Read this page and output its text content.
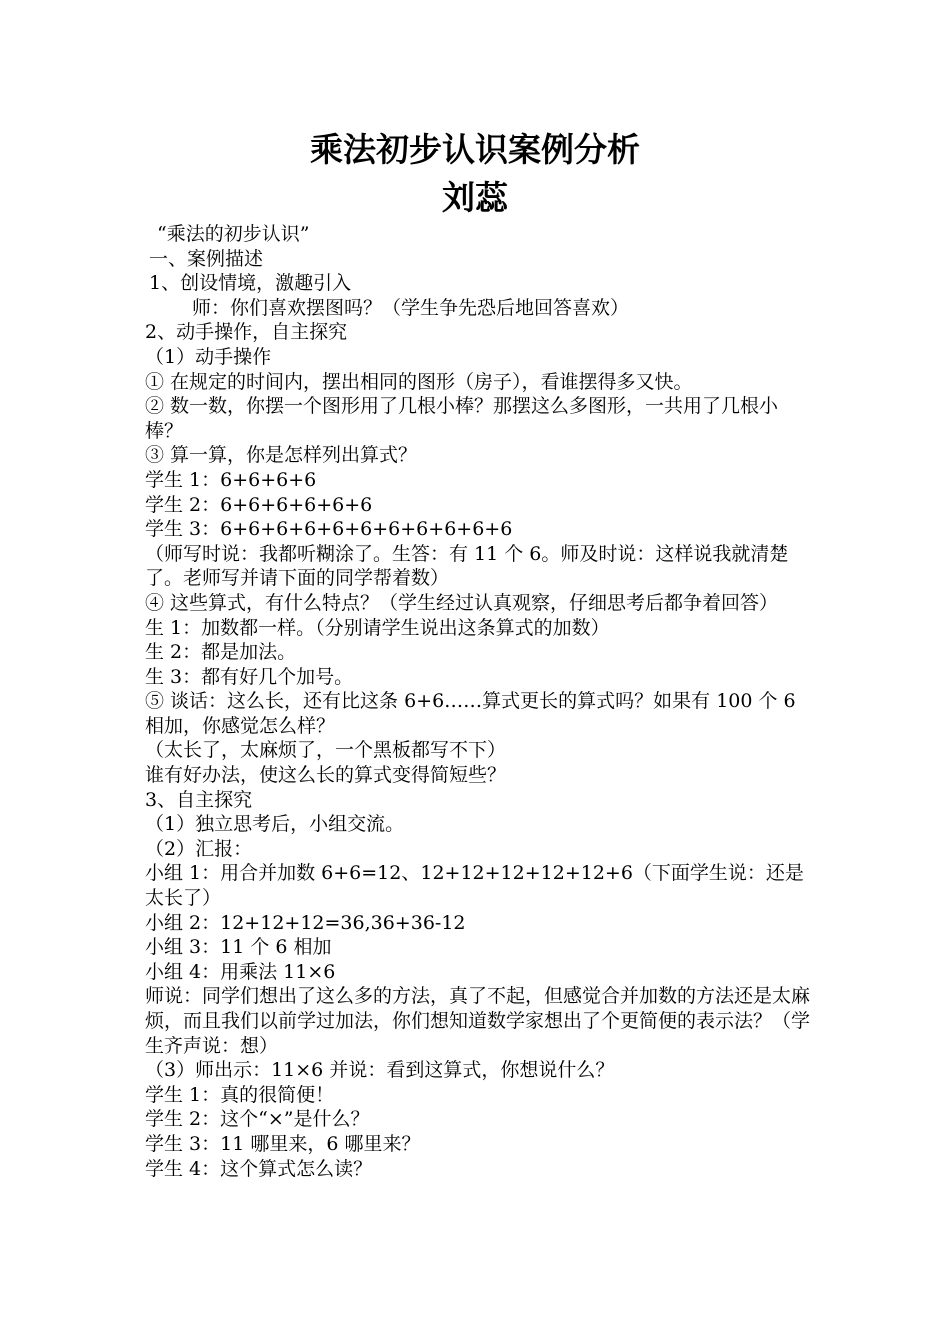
乘法初步认识案例分析
刘蕊

“乘法的初步认识”

一、案例描述

1、创设情境，激趣引入

师：你们喜欢摆图吗？（学生争先恐后地回答喜欢）

2、动手操作，自主探究

（1）动手操作

① 在规定的时间内，摆出相同的图形（房子），看谁摆得多又快。

② 数一数，你摆一个图形用了几根小棒？那摆这么多图形，一共用了几根小棒？

③ 算一算，你是怎样列出算式？

学生 1：6+6+6+6

学生 2：6+6+6+6+6+6

学生 3：6+6+6+6+6+6+6+6+6+6+6

（师写时说：我都听糊涂了。生答：有 11 个 6。师及时说：这样说我就清楚了。老师写并请下面的同学帮着数）

④ 这些算式，有什么特点？（学生经过认真观察，仔细思考后都争着回答）

生 1：加数都一样。（分别请学生说出这条算式的加数）

生 2：都是加法。

生 3：都有好几个加号。

⑤ 谈话：这么长，还有比这条 6+6……算式更长的算式吗？如果有 100 个 6 相加，你感觉怎么样？

（太长了，太麻烦了，一个黑板都写不下）

谁有好办法，使这么长的算式变得简短些？

3、自主探究

（1）独立思考后，小组交流。

（2）汇报：

小组 1：用合并加数 6+6=12、12+12+12+12+12+6（下面学生说：还是太长了）

小组 2：12+12+12=36,36+36-12

小组 3：11 个 6 相加

小组 4：用乘法 11×6

师说：同学们想出了这么多的方法，真了不起，但感觉合并加数的方法还是太麻烦，而且我们以前学过加法，你们想知道数学家想出了个更简便的表示法？（学生齐声说：想）

（3）师出示：11×6 并说：看到这算式，你想说什么？

学生 1：真的很简便！

学生 2：这个“×”是什么？

学生 3：11 哪里来，6 哪里来？

学生 4：这个算式怎么读？
